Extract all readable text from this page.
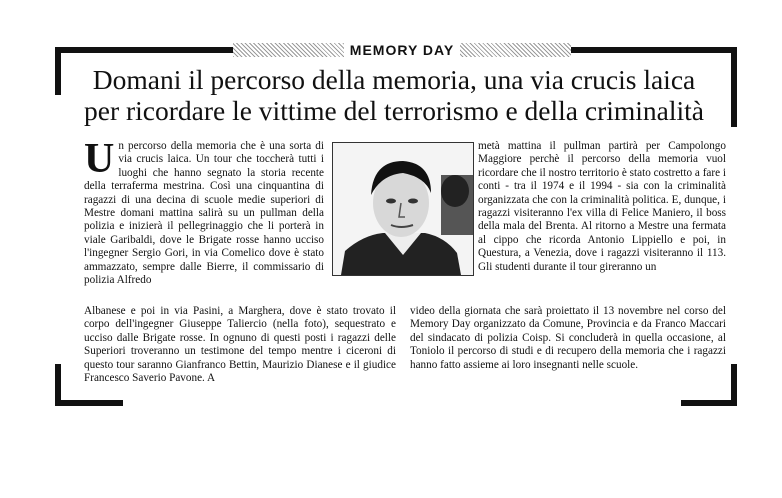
MEMORY DAY
Domani il percorso della memoria, una via crucis laica
per ricordare le vittime del terrorismo e della criminalità
Un percorso della memoria che è una sorta di via crucis laica. Un tour che toccherà tutti i luoghi che hanno segnato la storia recente della terraferma mestrina. Così una cinquantina di ragazzi di una decina di scuole medie superiori di Mestre domani mattina salirà su un pullman della polizia e inizierà il pellegrinaggio che li porterà in viale Garibaldi, dove le Brigate rosse hanno ucciso l'ingegner Sergio Gori, in via Comelico dove è stato ammazzato, sempre dalle Bierre, il commissario di polizia Alfredo
metà mattina il pullman partirà per Campolongo Maggiore perchè il percorso della memoria vuol ricordare che il nostro territorio è stato costretto a fare i conti - tra il 1974 e il 1994 - sia con la criminalità organizzata che con la criminalità politica. E, dunque, i ragazzi visiteranno l'ex villa di Felice Maniero, il boss della mala del Brenta. Al ritorno a Mestre una fermata al cippo che ricorda Antonio Lippiello e poi, in Questura, a Venezia, dove i ragazzi visiteranno il 113. Gli studenti durante il tour gireranno un
Albanese e poi in via Pasini, a Marghera, dove è stato trovato il corpo dell'ingegner Giuseppe Taliercio (nella foto), sequestrato e ucciso dalle Brigate rosse. In ognuno di questi posti i ragazzi delle Superiori troveranno un testimone del tempo mentre i ciceroni di questo tour saranno Gianfranco Bettin, Maurizio Dianese e il giudice Francesco Saverio Pavone. A
video della giornata che sarà proiettato il 13 novembre nel corso del Memory Day organizzato da Comune, Provincia e da Franco Maccari del sindacato di polizia Coisp. Si concluderà in quella occasione, al Toniolo il percorso di studi e di recupero della memoria che i ragazzi hanno fatto assieme ai loro insegnanti nelle scuole.
